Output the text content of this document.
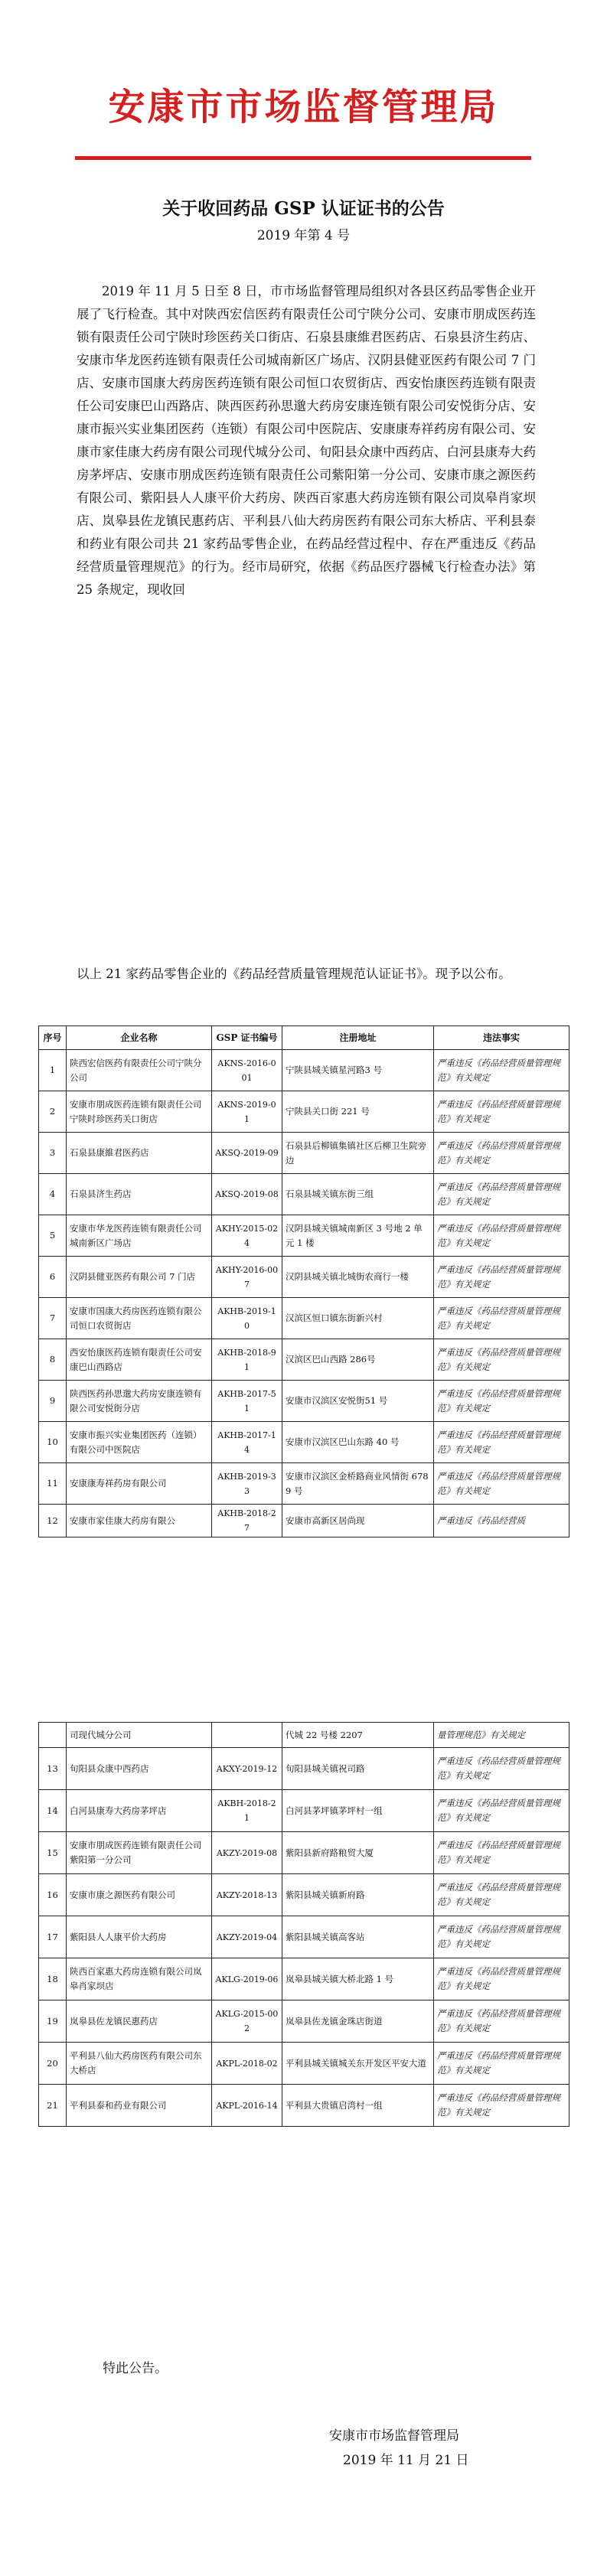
安康市市场监督管理局
关于收回药品 GSP 认证证书的公告
2019 年第 4 号

2019 年 11 月 5 日至 8 日，市市场监督管理局组织对各县区药品零售企业开展了飞行检查。其中对陕西宏信医药有限责任公司宁陕分公司、安康市朋成医药连锁有限责任公司宁陕时珍医药关口街店、石泉县康維君医药店、石泉县济生药店、安康市华龙医药连锁有限责任公司城南新区广场店、汉阴县健亚医药有限公司 7 门店、安康市国康大药房医药连锁有限公司恒口农贸街店、西安怡康医药连锁有限责任公司安康巴山西路店、陕西医药孙思邈大药房安康连锁有限公司安悦街分店、安康市振兴实业集团医药（连锁）有限公司中医院店、安康康寿祥药房有限公司、安康市家佳康大药房有限公司现代城分公司、旬阳县众康中西药店、白河县康寿大药房茅坪店、安康市朋成医药连锁有限责任公司紫阳第一分公司、安康市康之源医药有限公司、紫阳县人人康平价大药房、陕西百家惠大药房连锁有限公司岚皋肖家坝店、岚皋县佐龙镇民惠药店、平利县八仙大药房医药有限公司东大桥店、平利县泰和药业有限公司共 21 家药品零售企业，在药品经营过程中、存在严重违反《药品经营质量管理规范》的行为。经市局研究，依据《药品医疗器械飞行检查办法》第 25 条规定，现收回

以上 21 家药品零售企业的《药品经营质量管理规范认证证书》。现予以公布。

序号	企业名称	GSP 证书编号	注册地址	违法事实
1	陕西宏信医药有限责任公司宁陕分公司	AKNS-2016-001	宁陕县城关镇星河路3 号	严重违反《药品经营质量管理规范》有关规定
2	安康市朋成医药连锁有限责任公司宁陕时珍医药关口街店	AKNS-2019-01	宁陕县关口街 221 号	严重违反《药品经营质量管理规范》有关规定
3	石泉县康維君医药店	AKSQ-2019-09	石泉县后柳镇集镇社区后柳卫生院旁边	严重违反《药品经营质量管理规范》有关规定
4	石泉县济生药店	AKSQ-2019-08	石泉县城关镇东街三组	严重违反《药品经营质量管理规范》有关规定
5	安康市华龙医药连锁有限责任公司城南新区广场店	AKHY-2015-024	汉阴县城关镇城南新区 3 号地 2 单元 1 楼	严重违反《药品经营质量管理规范》有关规定
6	汉阴县健亚医药有限公司 7 门店	AKHY-2016-007	汉阴县城关镇北城街农商行一楼	严重违反《药品经营质量管理规范》有关规定
7	安康市国康大药房医药连锁有限公司恒口农贸街店	AKHB-2019-10	汉滨区恒口镇东街新兴村	严重违反《药品经营质量管理规范》有关规定
8	西安怡康医药连锁有限责任公司安康巴山西路店	AKHB-2018-91	汉滨区巴山西路 286号	严重违反《药品经营质量管理规范》有关规定
9	陕西医药孙思邈大药房安康连锁有限公司安悦街分店	AKHB-2017-51	安康市汉滨区安悦街51 号	严重违反《药品经营质量管理规范》有关规定
10	安康市振兴实业集团医药（连锁）有限公司中医院店	AKHB-2017-14	安康市汉滨区巴山东路 40 号	严重违反《药品经营质量管理规范》有关规定
11	安康康寿祥药房有限公司	AKHB-2019-33	安康市汉滨区金桥路商业风情街 6789 号	严重违反《药品经营质量管理规范》有关规定
12	安康市家佳康大药房有限公	AKHB-2018-27	安康市高新区居尚现	严重违反《药品经营质
	司现代城分公司		代城 22 号楼 2207	量管理规范》有关规定
13	旬阳县众康中西药店	AKXY-2019-12	旬阳县城关镇祝司路	严重违反《药品经营质量管理规范》有关规定
14	白河县康寿大药房茅坪店	AKBH-2018-21	白河县茅坪镇茅坪村一组	严重违反《药品经营质量管理规范》有关规定
15	安康市朋成医药连锁有限责任公司紫阳第一分公司	AKZY-2019-08	紫阳县新府路粮贸大厦	严重违反《药品经营质量管理规范》有关规定
16	安康市康之源医药有限公司	AKZY-2018-13	紫阳县城关镇新府路	严重违反《药品经营质量管理规范》有关规定
17	紫阳县人人康平价大药房	AKZY-2019-04	紫阳县城关镇高客站	严重违反《药品经营质量管理规范》有关规定
18	陕西百家惠大药房连锁有限公司岚皋肖家坝店	AKLG-2019-06	岚皋县城关镇大桥北路 1 号	严重违反《药品经营质量管理规范》有关规定
19	岚皋县佐龙镇民惠药店	AKLG-2015-002	岚皋县佐龙镇金珠店街道	严重违反《药品经营质量管理规范》有关规定
20	平利县八仙大药房医药有限公司东大桥店	AKPL-2018-02	平利县城关镇城关东开发区平安大道	严重违反《药品经营质量管理规范》有关规定
21	平利县泰和药业有限公司	AKPL-2016-14	平利县大贵镇启湾村一组	严重违反《药品经营质量管理规范》有关规定
特此公告。
安康市市场监督管理局
2019 年 11 月 21 日
